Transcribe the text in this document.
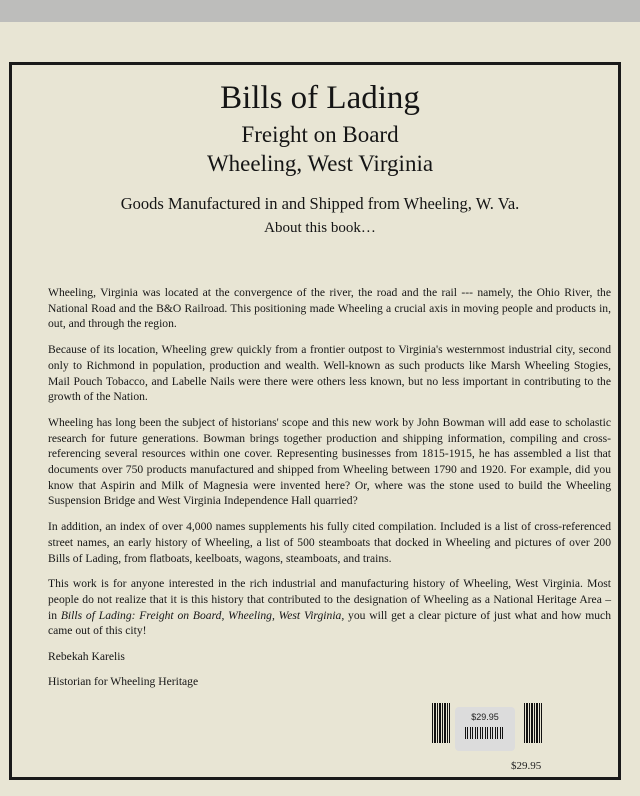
Bills of Lading
Freight on Board
Wheeling, West Virginia
Goods Manufactured in and Shipped from Wheeling, W. Va.
About this book…

Wheeling, Virginia was located at the convergence of the river, the road and the rail --- namely, the Ohio River, the National Road and the B&O Railroad. This positioning made Wheeling a crucial axis in moving people and products in, out, and through the region.

Because of its location, Wheeling grew quickly from a frontier outpost to Virginia's westernmost industrial city, second only to Richmond in population, production and wealth. Well-known as such products like Marsh Wheeling Stogies, Mail Pouch Tobacco, and Labelle Nails were there were others less known, but no less important in contributing to the growth of the Nation.

Wheeling has long been the subject of historians' scope and this new work by John Bowman will add ease to scholastic research for future generations. Bowman brings together production and shipping information, compiling and cross-referencing several resources within one cover. Representing businesses from 1815-1915, he has assembled a list that documents over 750 products manufactured and shipped from Wheeling between 1790 and 1920. For example, did you know that Aspirin and Milk of Magnesia were invented here? Or, where was the stone used to build the Wheeling Suspension Bridge and West Virginia Independence Hall quarried?

In addition, an index of over 4,000 names supplements his fully cited compilation. Included is a list of cross-referenced street names, an early history of Wheeling, a list of 500 steamboats that docked in Wheeling and pictures of over 200 Bills of Lading, from flatboats, keelboats, wagons, steamboats, and trains.

This work is for anyone interested in the rich industrial and manufacturing history of Wheeling, West Virginia. Most people do not realize that it is this history that contributed to the designation of Wheeling as a National Heritage Area – in Bills of Lading: Freight on Board, Wheeling, West Virginia, you will get a clear picture of just what and how much came out of this city!

Rebekah Karelis
Historian for Wheeling Heritage
$29.95
$29.95
